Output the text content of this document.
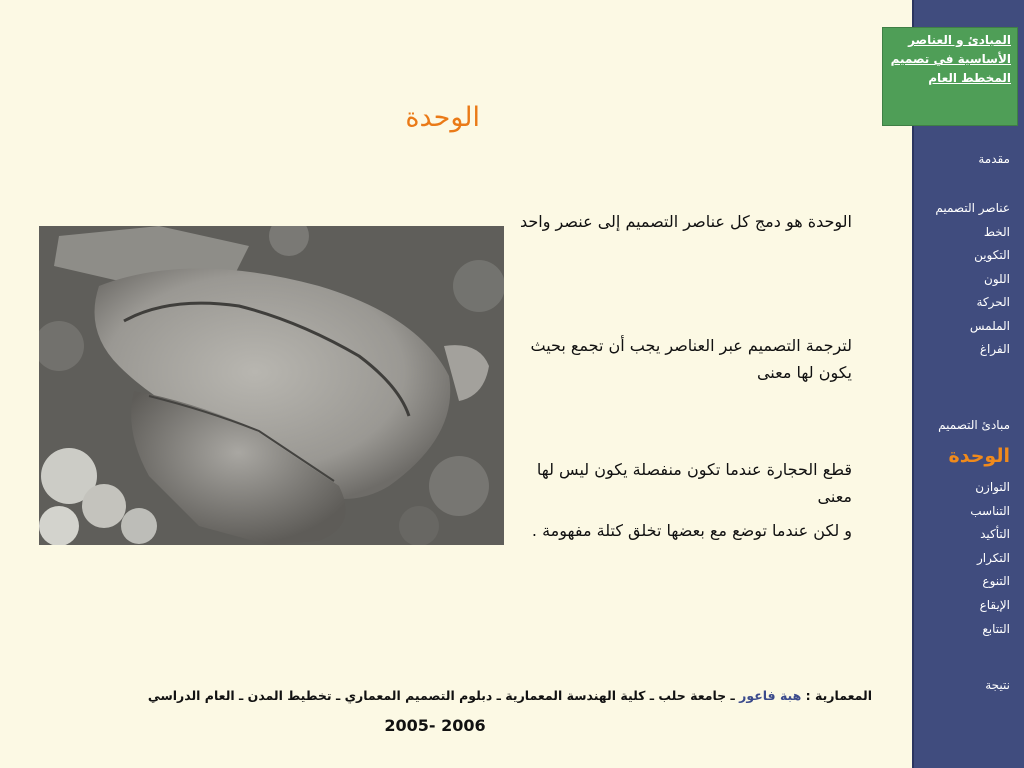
المبادئ و العناصر الأساسية في تصميم المخطط العام
مقدمة
عناصر التصميم
الخط
التكوين
اللون
الحركة
الملمس
الفراغ
مبادئ التصميم
الوحدة
التوازن
التناسب
التأكيد
التكرار
التنوع
الإيقاع
التتابع
نتيجة
الوحدة
الوحدة هو دمج كل عناصر التصميم إلى عنصر واحد
لترجمة التصميم عبر العناصر يجب أن تجمع بحيث يكون لها معنى
قطع الحجارة عندما تكون منفصلة يكون ليس لها معنى
و لكن عندما توضع مع بعضها تخلق كتلة مفهومة .
المعمارية : هبة فاعور ـ جامعة حلب ـ كلية الهندسة المعمارية ـ دبلوم التصميم المعماري ـ تخطيط المدن ـ العام الدراسي
2005- 2006
